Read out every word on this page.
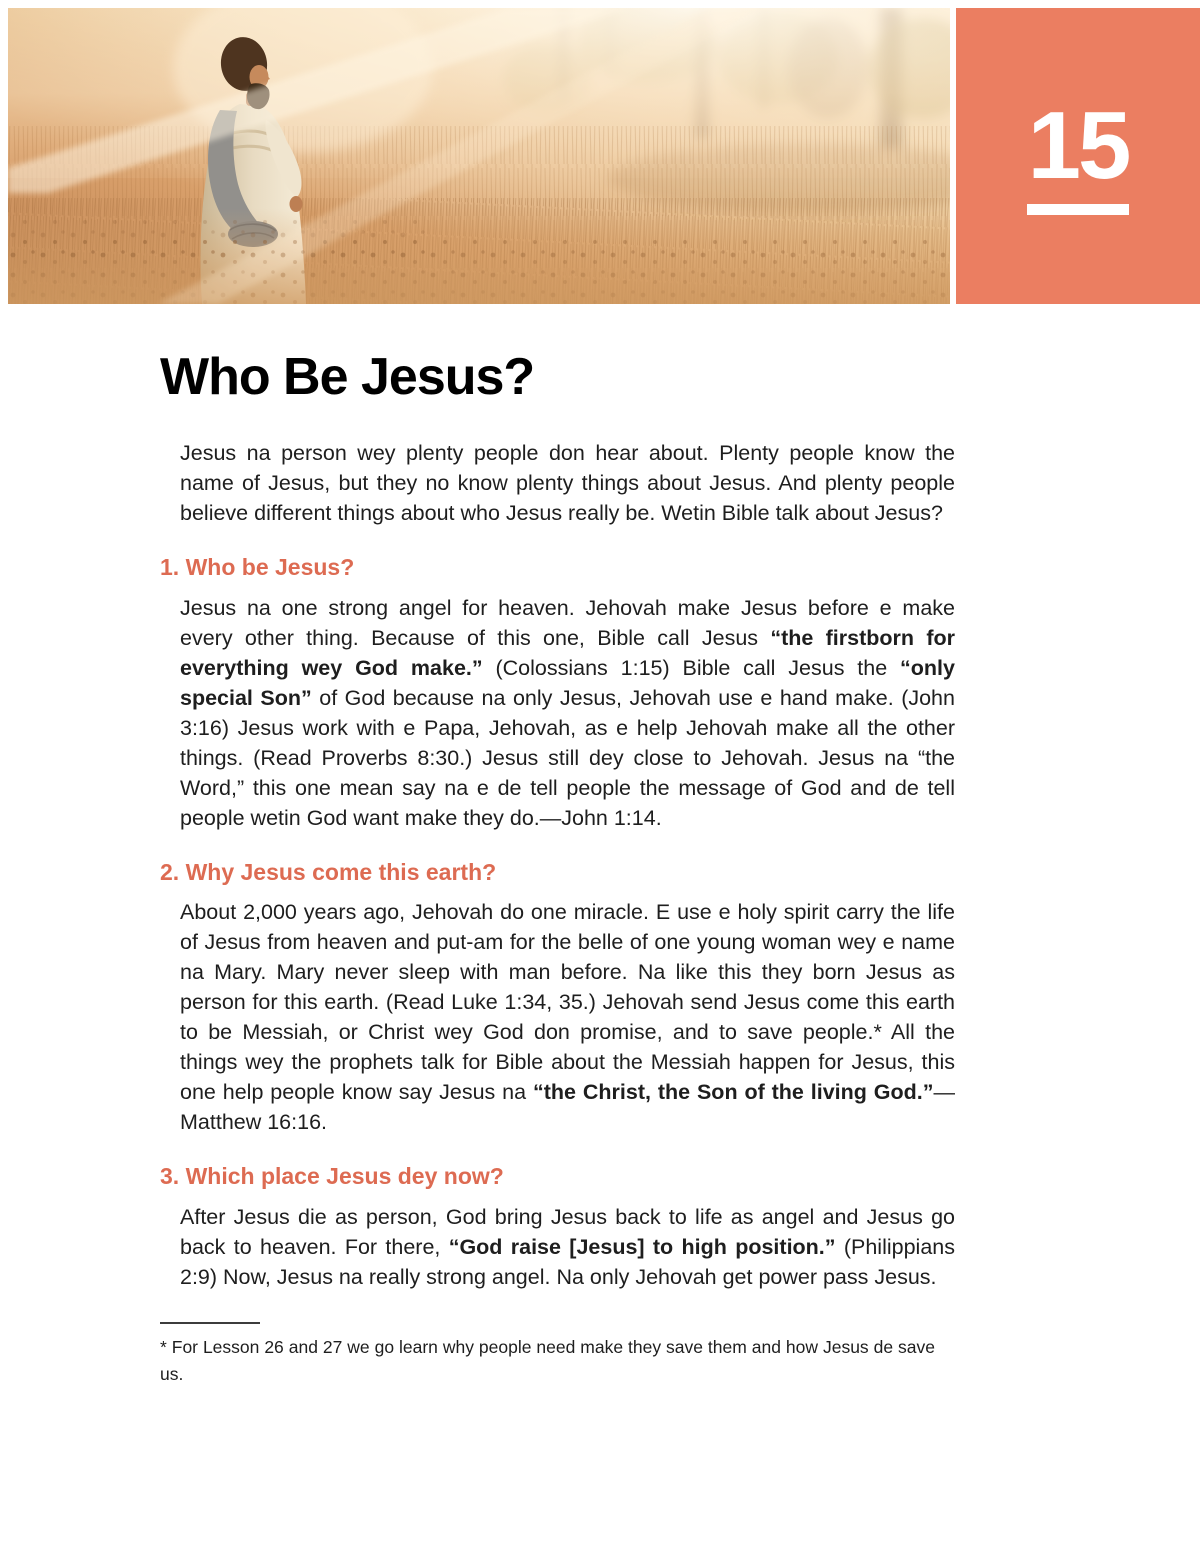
15
Who Be Jesus?

Jesus na person wey plenty people don hear about. Plenty people know the name of Jesus, but they no know plenty things about Jesus. And plenty people believe different things about who Jesus really be. Wetin Bible talk about Jesus?

1. Who be Jesus?

Jesus na one strong angel for heaven. Jehovah make Jesus before e make every other thing. Because of this one, Bible call Jesus “the firstborn for everything wey God make.” (Colossians 1:15) Bible call Jesus the “only special Son” of God because na only Jesus, Jehovah use e hand make. (John 3:16) Jesus work with e Papa, Jehovah, as e help Jehovah make all the other things. (Read Proverbs 8:30.) Jesus still dey close to Jehovah. Jesus na “the Word,” this one mean say na e de tell people the message of God and de tell people wetin God want make they do.—John 1:14.

2. Why Jesus come this earth?

About 2,000 years ago, Jehovah do one miracle. E use e holy spirit carry the life of Jesus from heaven and put-am for the belle of one young woman wey e name na Mary. Mary never sleep with man before. Na like this they born Jesus as person for this earth. (Read Luke 1:34, 35.) Jehovah send Jesus come this earth to be Messiah, or Christ wey God don promise, and to save people.* All the things wey the prophets talk for Bible about the Messiah happen for Jesus, this one help people know say Jesus na “the Christ, the Son of the living God.”—Matthew 16:16.

3. Which place Jesus dey now?

After Jesus die as person, God bring Jesus back to life as angel and Jesus go back to heaven. For there, “God raise [Jesus] to high position.” (Philippians 2:9) Now, Jesus na really strong angel. Na only Jehovah get power pass Jesus.

* For Lesson 26 and 27 we go learn why people need make they save them and how Jesus de save us.
